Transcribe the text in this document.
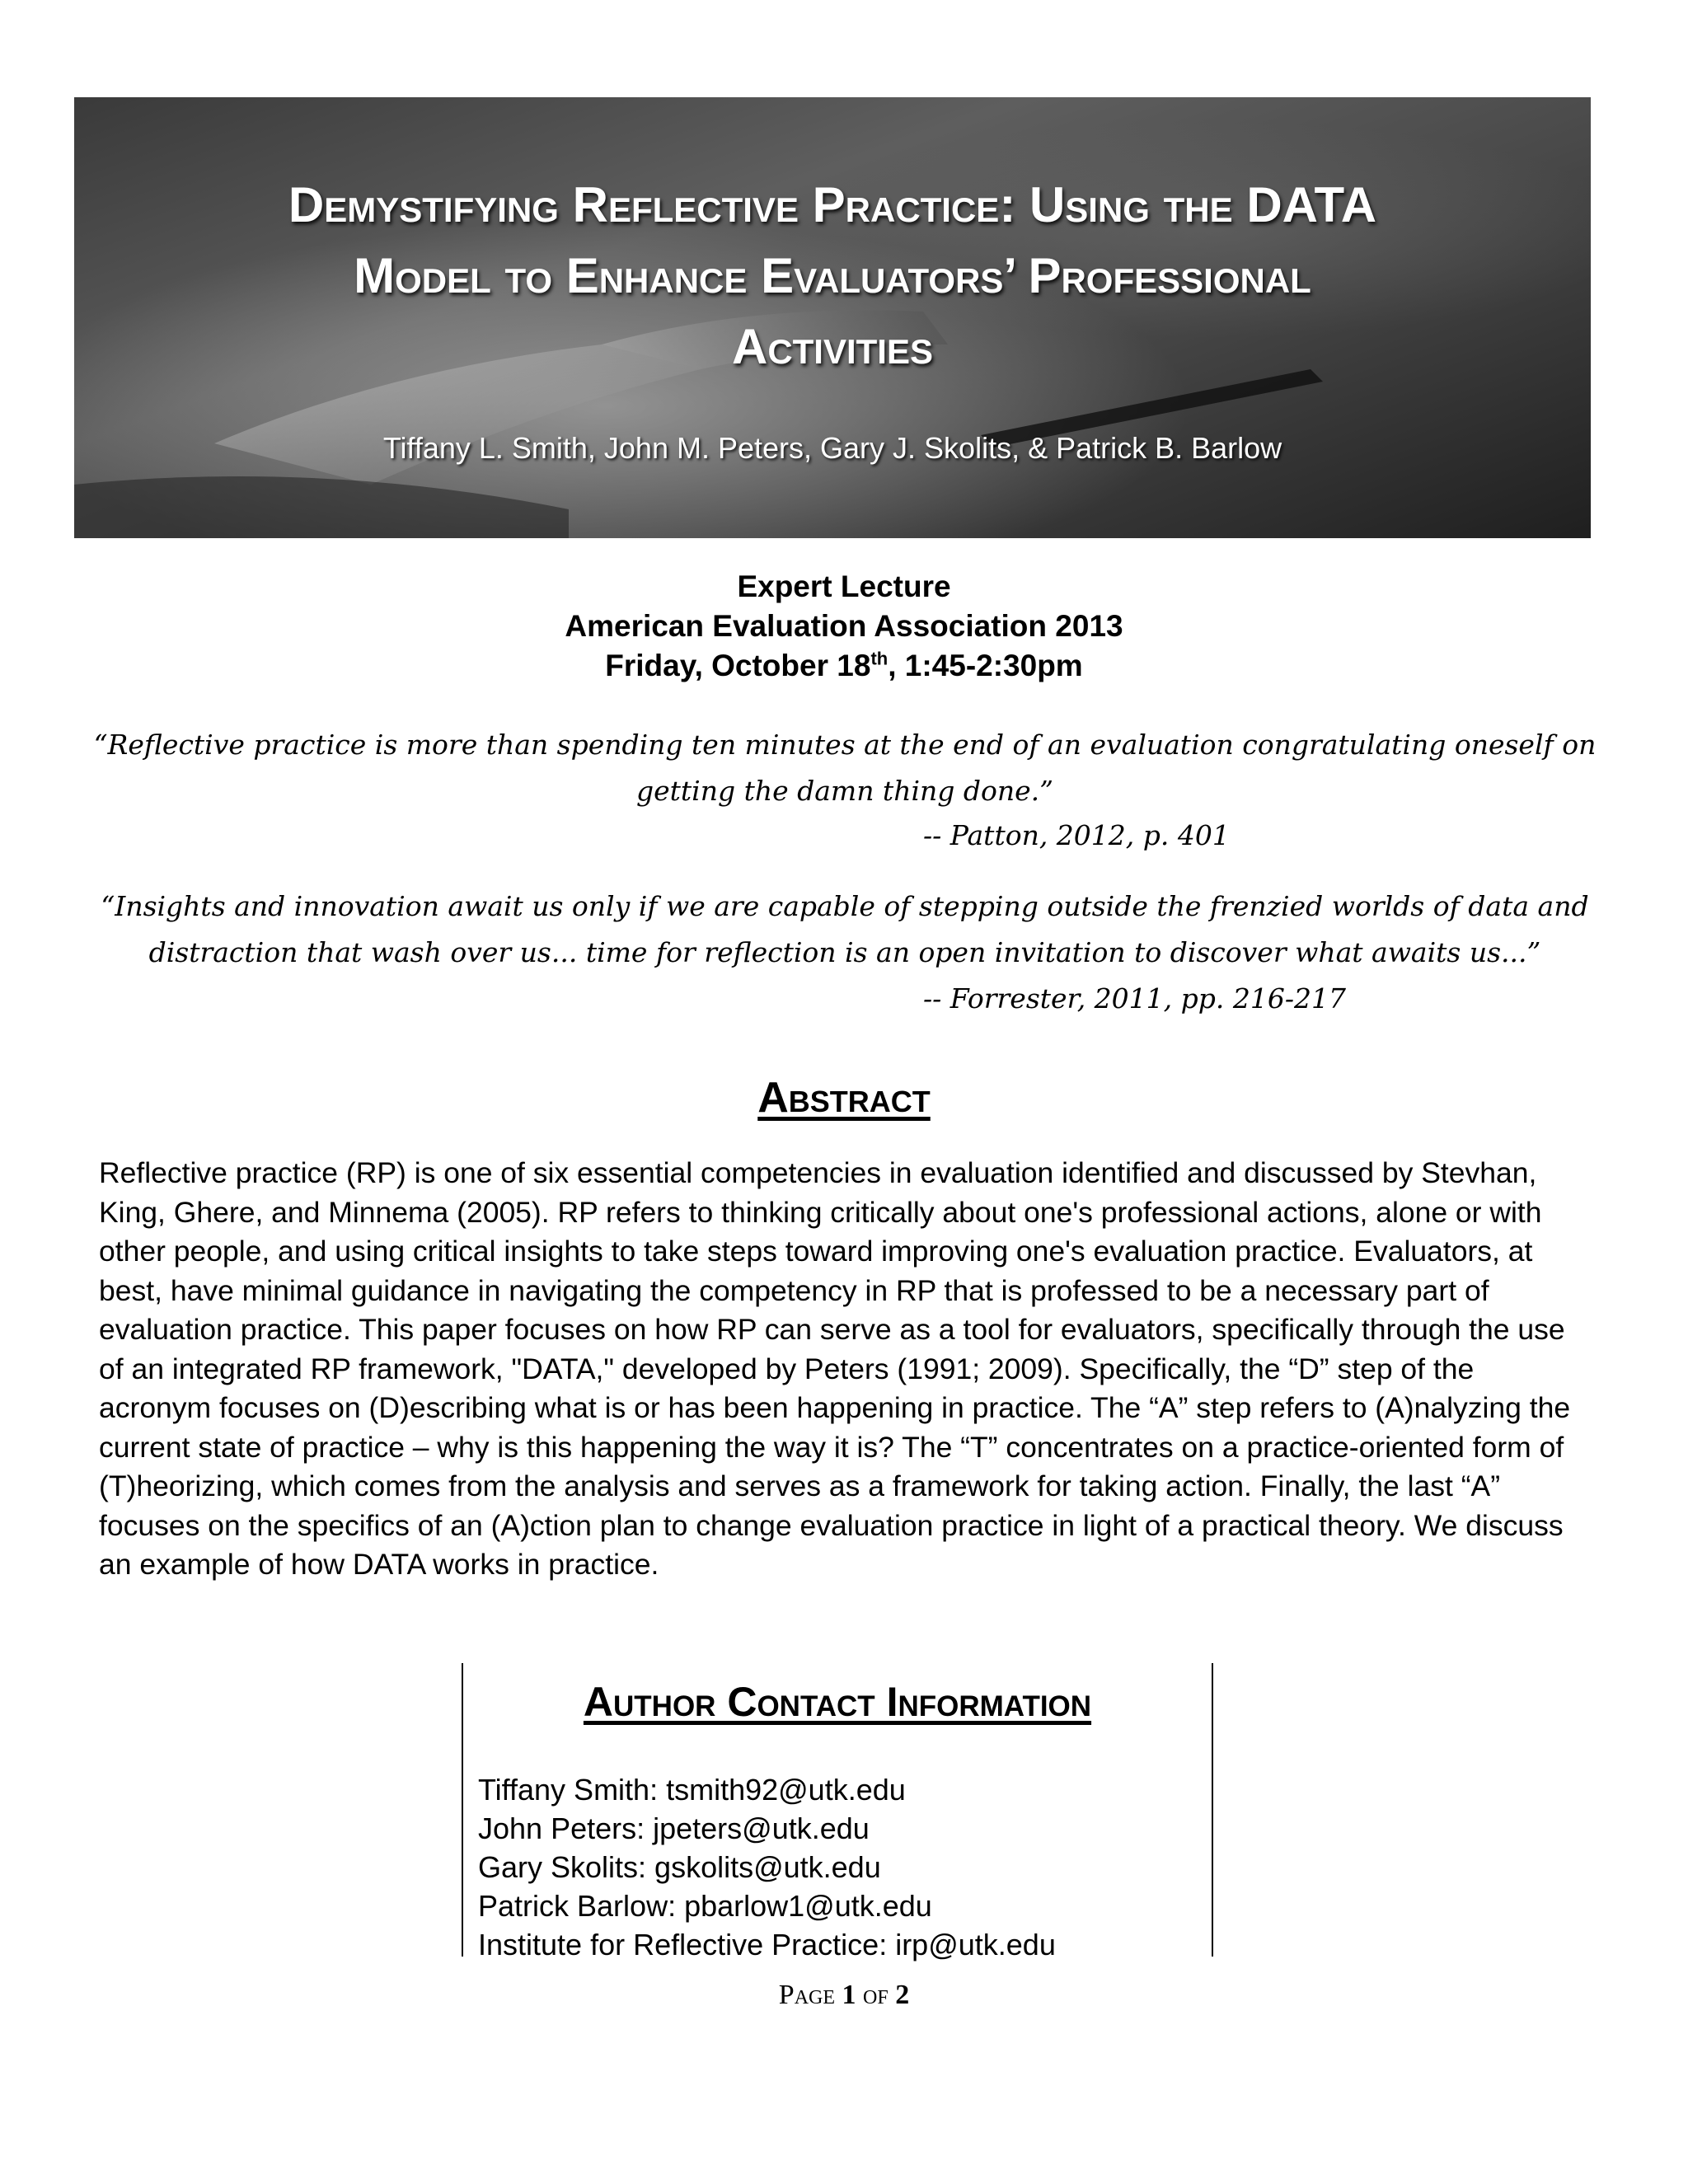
Demystifying Reflective Practice: Using the DATA
Model to Enhance Evaluators’ Professional
Activities
Tiffany L. Smith, John M. Peters, Gary J. Skolits, & Patrick B. Barlow
Expert Lecture
American Evaluation Association 2013
Friday, October 18th, 1:45-2:30pm
“Reflective practice is more than spending ten minutes at the end of an evaluation congratulating oneself on getting the damn thing done.”
-- Patton, 2012, p. 401
“Insights and innovation await us only if we are capable of stepping outside the frenzied worlds of data and distraction that wash over us... time for reflection is an open invitation to discover what awaits us...”
-- Forrester, 2011, pp. 216-217
Abstract
Reflective practice (RP) is one of six essential competencies in evaluation identified and discussed by Stevhan, King, Ghere, and Minnema (2005). RP refers to thinking critically about one's professional actions, alone or with other people, and using critical insights to take steps toward improving one's evaluation practice. Evaluators, at best, have minimal guidance in navigating the competency in RP that is professed to be a necessary part of evaluation practice. This paper focuses on how RP can serve as a tool for evaluators, specifically through the use of an integrated RP framework, "DATA," developed by Peters (1991; 2009). Specifically, the “D” step of the acronym focuses on (D)escribing what is or has been happening in practice. The “A” step refers to (A)nalyzing the current state of practice – why is this happening the way it is? The “T” concentrates on a practice-oriented form of (T)heorizing, which comes from the analysis and serves as a framework for taking action. Finally, the last “A” focuses on the specifics of an (A)ction plan to change evaluation practice in light of a practical theory. We discuss an example of how DATA works in practice.
Author Contact Information
Tiffany Smith: tsmith92@utk.edu
John Peters: jpeters@utk.edu
Gary Skolits: gskolits@utk.edu
Patrick Barlow: pbarlow1@utk.edu
Institute for Reflective Practice: irp@utk.edu
Page 1 of 2
